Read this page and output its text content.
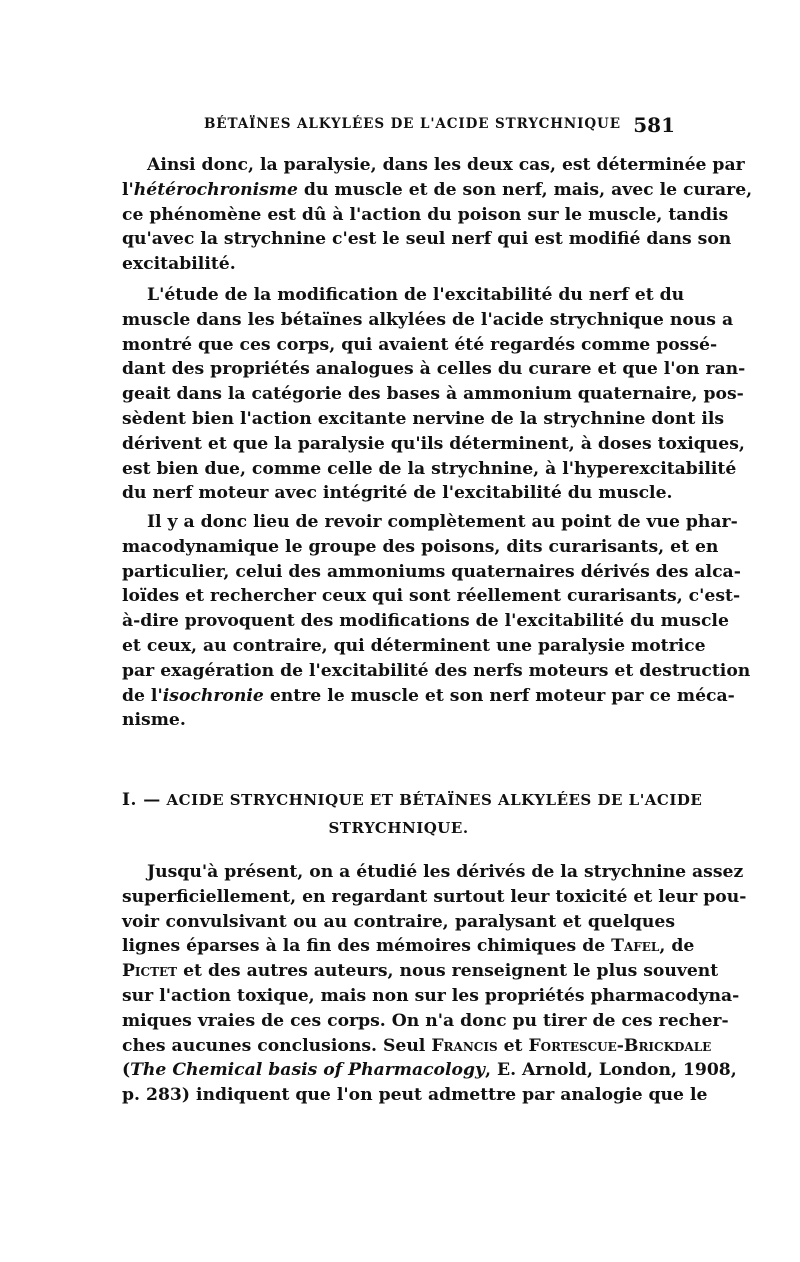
BÉTAÏNES ALKYLÉES DE L'ACIDE STRYCHNIQUE 581
Ainsi donc, la paralysie, dans les deux cas, est déterminée par
l'hétérochronisme du muscle et de son nerf, mais, avec le curare,
ce phénomène est dû à l'action du poison sur le muscle, tandis
qu'avec la strychnine c'est le seul nerf qui est modifié dans son
excitabilité.
L'étude de la modification de l'excitabilité du nerf et du
muscle dans les bétaïnes alkylées de l'acide strychnique nous a
montré que ces corps, qui avaient été regardés comme possé-
dant des propriétés analogues à celles du curare et que l'on ran-
geait dans la catégorie des bases à ammonium quaternaire, pos-
sèdent bien l'action excitante nervine de la strychnine dont ils
dérivent et que la paralysie qu'ils déterminent, à doses toxiques,
est bien due, comme celle de la strychnine, à l'hyperexcitabilité
du nerf moteur avec intégrité de l'excitabilité du muscle.
Il y a donc lieu de revoir complètement au point de vue phar-
macodynamique le groupe des poisons, dits curarisants, et en
particulier, celui des ammoniums quaternaires dérivés des alca-
loïdes et rechercher ceux qui sont réellement curarisants, c'est-
à-dire provoquent des modifications de l'excitabilité du muscle
et ceux, au contraire, qui déterminent une paralysie motrice
par exagération de l'excitabilité des nerfs moteurs et destruction
de l'isochronie entre le muscle et son nerf moteur par ce méca-
nisme.
I. — ACIDE STRYCHNIQUE ET BÉTAÏNES ALKYLÉES DE L'ACIDE
STRYCHNIQUE.
Jusqu'à présent, on a étudié les dérivés de la strychnine assez
superficiellement, en regardant surtout leur toxicité et leur pou-
voir convulsivant ou au contraire, paralysant et quelques
lignes éparses à la fin des mémoires chimiques de Tafel, de
Pictet et des autres auteurs, nous renseignent le plus souvent
sur l'action toxique, mais non sur les propriétés pharmacodyna-
miques vraies de ces corps. On n'a donc pu tirer de ces recher-
ches aucunes conclusions. Seul Francis et Fortescue-Brickdale
(The Chemical basis of Pharmacology, E. Arnold, London, 1908,
p. 283) indiquent que l'on peut admettre par analogie que le
